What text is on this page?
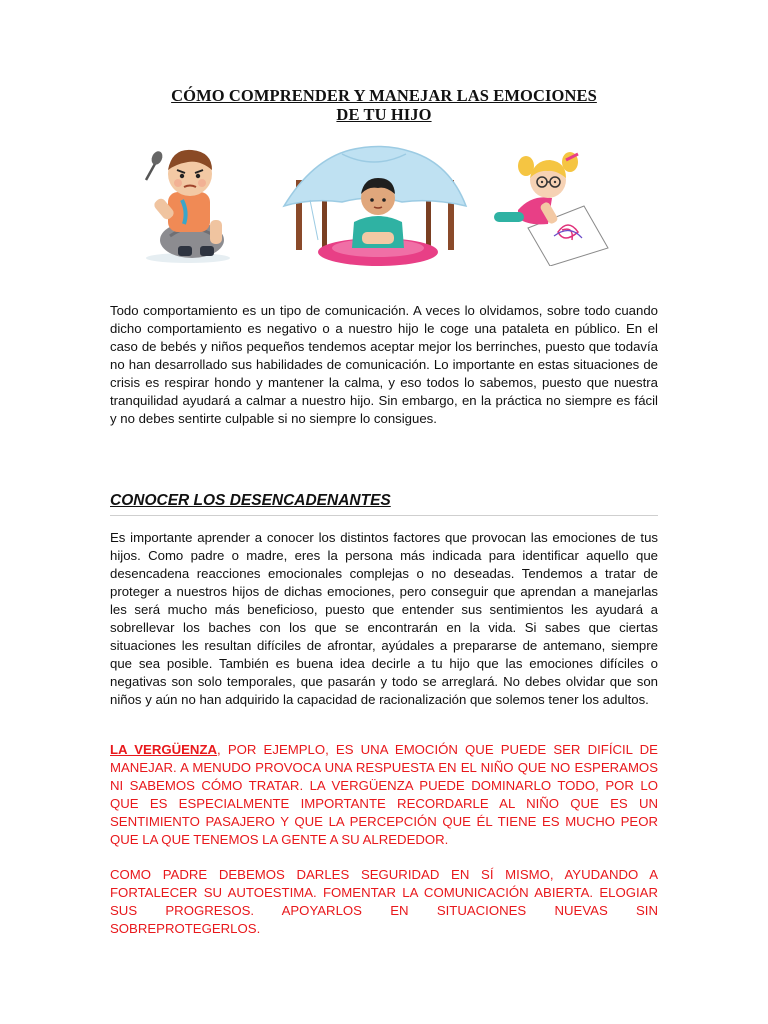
CÓMO COMPRENDER Y MANEJAR LAS EMOCIONES
DE TU HIJO

Todo comportamiento es un tipo de comunicación. A veces lo olvidamos, sobre todo cuando dicho comportamiento es negativo o a nuestro hijo le coge una pataleta en público. En el caso de bebés y niños pequeños tendemos aceptar mejor los berrinches, puesto que todavía no han desarrollado sus habilidades de comunicación. Lo importante en estas situaciones de crisis es respirar hondo y mantener la calma, y eso todos lo sabemos, puesto que nuestra tranquilidad ayudará a calmar a nuestro hijo. Sin embargo, en la práctica no siempre es fácil y no debes sentirte culpable si no siempre lo consigues.

CONOCER LOS DESENCADENANTES

Es importante aprender a conocer los distintos factores que provocan las emociones de tus hijos. Como padre o madre, eres la persona más indicada para identificar aquello que desencadena reacciones emocionales complejas o no deseadas. Tendemos a tratar de proteger a nuestros hijos de dichas emociones, pero conseguir que aprendan a manejarlas les será mucho más beneficioso, puesto que entender sus sentimientos les ayudará a sobrellevar los baches con los que se encontrarán en la vida. Si sabes que ciertas situaciones les resultan difíciles de afrontar, ayúdales a prepararse de antemano, siempre que sea posible. También es buena idea decirle a tu hijo que las emociones difíciles o negativas son solo temporales, que pasarán y todo se arreglará. No debes olvidar que son niños y aún no han adquirido la capacidad de racionalización que solemos tener los adultos.

LA VERGÜENZA, POR EJEMPLO, ES UNA EMOCIÓN QUE PUEDE SER DIFÍCIL DE MANEJAR. A MENUDO PROVOCA UNA RESPUESTA EN EL NIÑO QUE NO ESPERAMOS NI SABEMOS CÓMO TRATAR. LA VERGÜENZA PUEDE DOMINARLO TODO, POR LO QUE ES ESPECIALMENTE IMPORTANTE RECORDARLE AL NIÑO QUE ES UN SENTIMIENTO PASAJERO Y QUE LA PERCEPCIÓN QUE ÉL TIENE ES MUCHO PEOR QUE LA QUE TENEMOS LA GENTE A SU ALREDEDOR.

COMO PADRE DEBEMOS DARLES SEGURIDAD EN SÍ MISMO, AYUDANDO A FORTALECER SU AUTOESTIMA. FOMENTAR LA COMUNICACIÓN ABIERTA. ELOGIAR SUS PROGRESOS. APOYARLOS EN SITUACIONES NUEVAS SIN SOBREPROTEGERLOS.
